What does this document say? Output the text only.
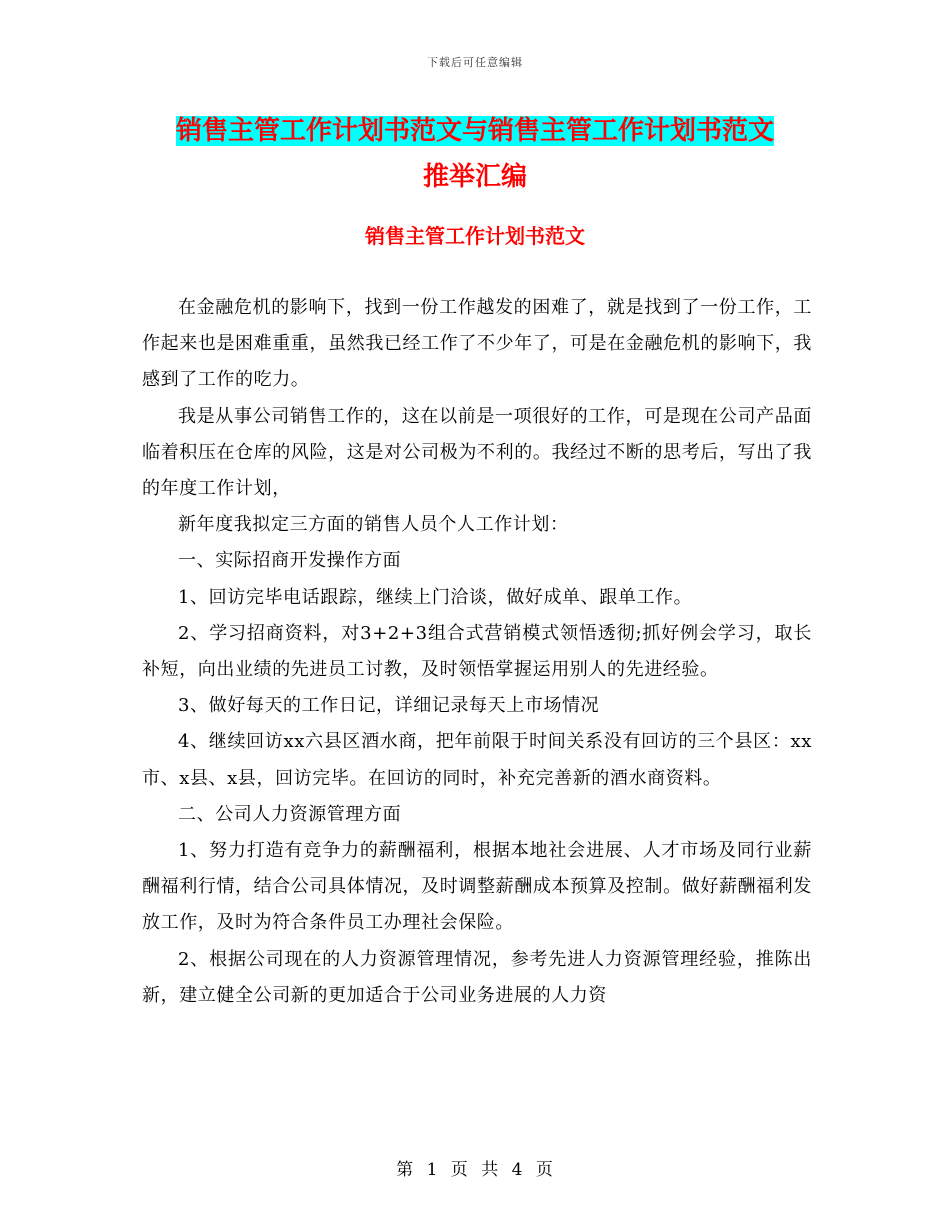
下载后可任意编辑
销售主管工作计划书范文与销售主管工作计划书范文
推举汇编
销售主管工作计划书范文

在金融危机的影响下，找到一份工作越发的困难了，就是找到了一份工作，工作起来也是困难重重，虽然我已经工作了不少年了，可是在金融危机的影响下，我感到了工作的吃力。

我是从事公司销售工作的，这在以前是一项很好的工作，可是现在公司产品面临着积压在仓库的风险，这是对公司极为不利的。我经过不断的思考后，写出了我的年度工作计划，

新年度我拟定三方面的销售人员个人工作计划：

一、实际招商开发操作方面

1、回访完毕电话跟踪，继续上门洽谈，做好成单、跟单工作。

2、学习招商资料，对3+2+3组合式营销模式领悟透彻;抓好例会学习，取长补短，向出业绩的先进员工讨教，及时领悟掌握运用别人的先进经验。

3、做好每天的工作日记，详细记录每天上市场情况

4、继续回访xx六县区酒水商，把年前限于时间关系没有回访的三个县区：xx市、x县、x县，回访完毕。在回访的同时，补充完善新的酒水商资料。

二、公司人力资源管理方面

1、努力打造有竞争力的薪酬福利，根据本地社会进展、人才市场及同行业薪酬福利行情，结合公司具体情况，及时调整薪酬成本预算及控制。做好薪酬福利发放工作，及时为符合条件员工办理社会保险。

2、根据公司现在的人力资源管理情况，参考先进人力资源管理经验，推陈出新，建立健全公司新的更加适合于公司业务进展的人力资

第 1 页 共 4 页
